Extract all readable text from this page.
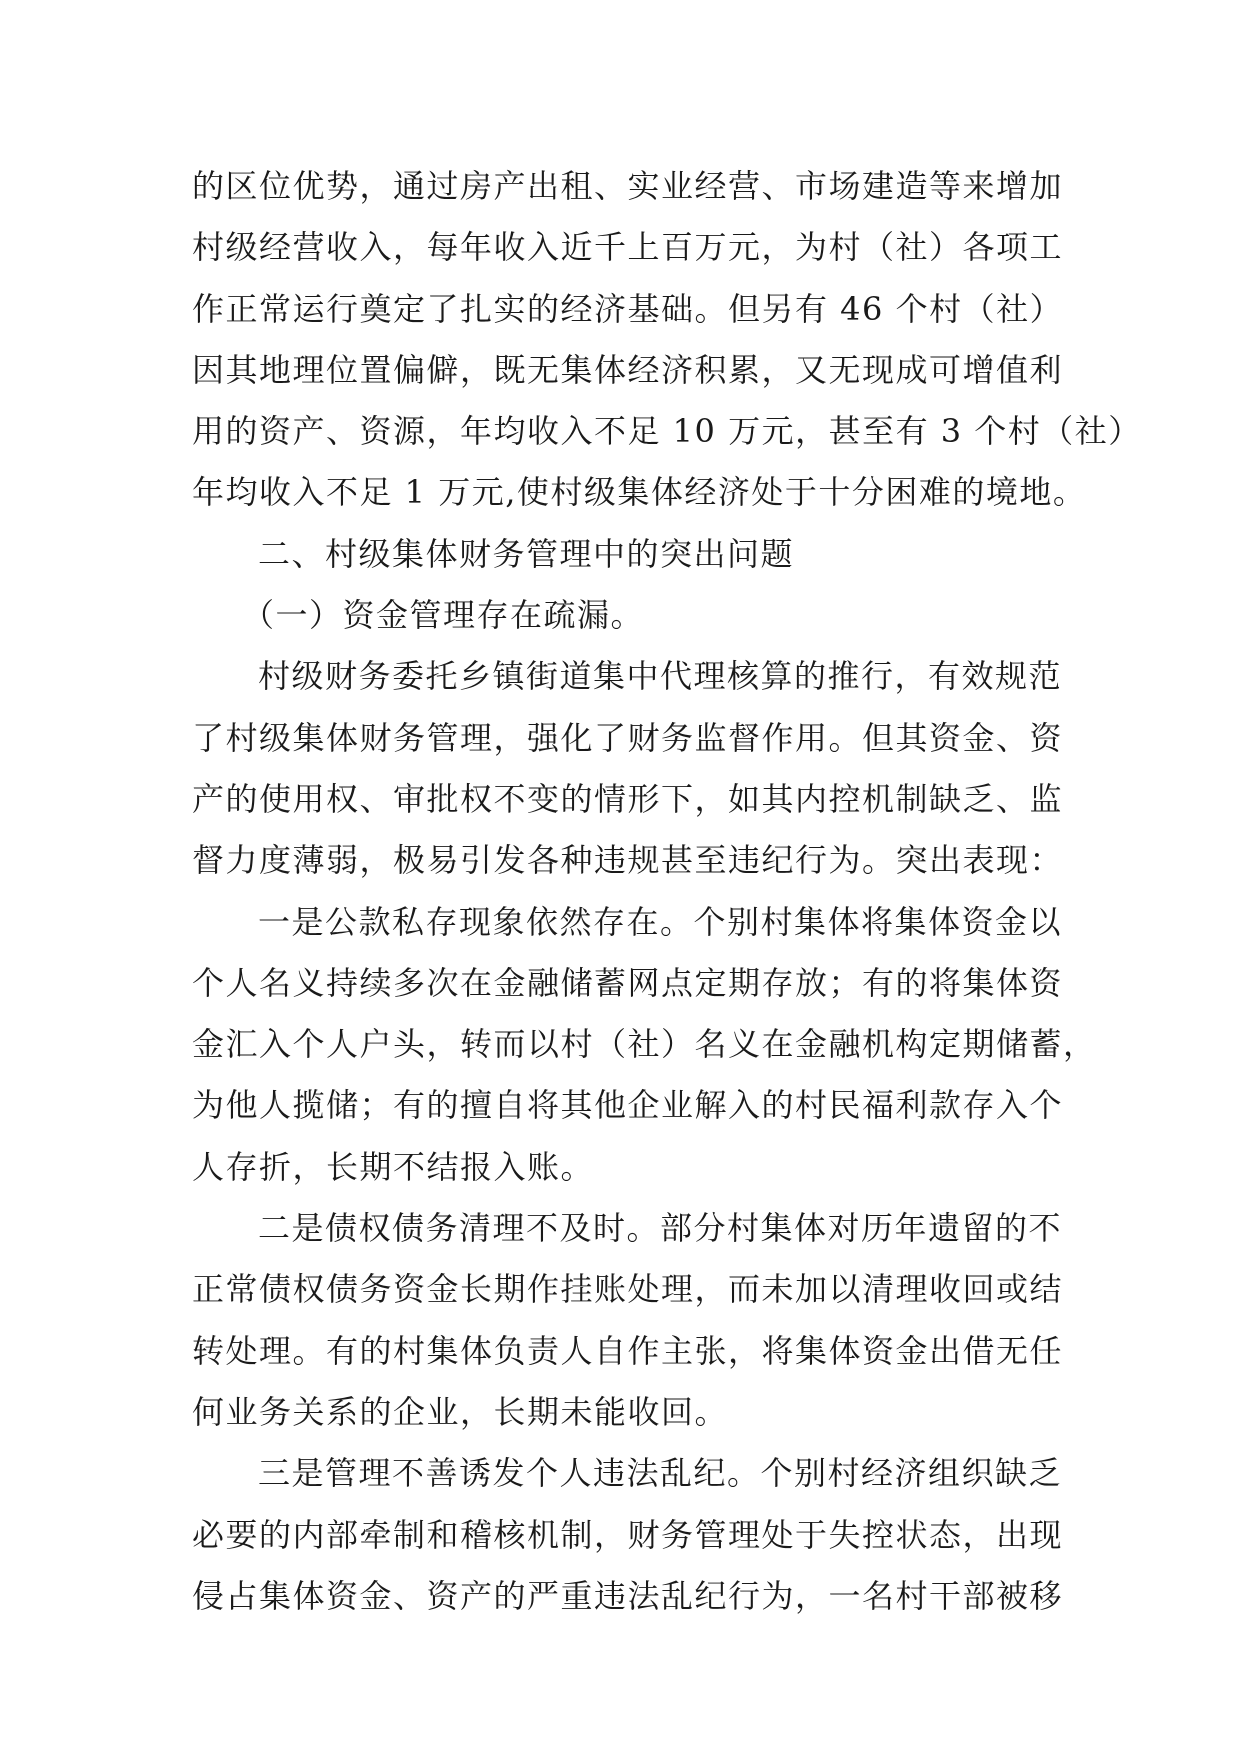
的区位优势，通过房产出租、实业经营、市场建造等来增加
村级经营收入，每年收入近千上百万元，为村（社）各项工
作正常运行奠定了扎实的经济基础。但另有 46 个村（社）
因其地理位置偏僻，既无集体经济积累，又无现成可增值利
用的资产、资源，年均收入不足 10 万元，甚至有 3 个村（社）
年均收入不足 1 万元,使村级集体经济处于十分困难的境地。
二、村级集体财务管理中的突出问题
（一）资金管理存在疏漏。
村级财务委托乡镇街道集中代理核算的推行，有效规范
了村级集体财务管理，强化了财务监督作用。但其资金、资
产的使用权、审批权不变的情形下，如其内控机制缺乏、监
督力度薄弱，极易引发各种违规甚至违纪行为。突出表现：
一是公款私存现象依然存在。个别村集体将集体资金以
个人名义持续多次在金融储蓄网点定期存放；有的将集体资
金汇入个人户头，转而以村（社）名义在金融机构定期储蓄，
为他人揽储；有的擅自将其他企业解入的村民福利款存入个
人存折，长期不结报入账。
二是债权债务清理不及时。部分村集体对历年遗留的不
正常债权债务资金长期作挂账处理，而未加以清理收回或结
转处理。有的村集体负责人自作主张，将集体资金出借无任
何业务关系的企业，长期未能收回。
三是管理不善诱发个人违法乱纪。个别村经济组织缺乏
必要的内部牵制和稽核机制，财务管理处于失控状态，出现
侵占集体资金、资产的严重违法乱纪行为，一名村干部被移
